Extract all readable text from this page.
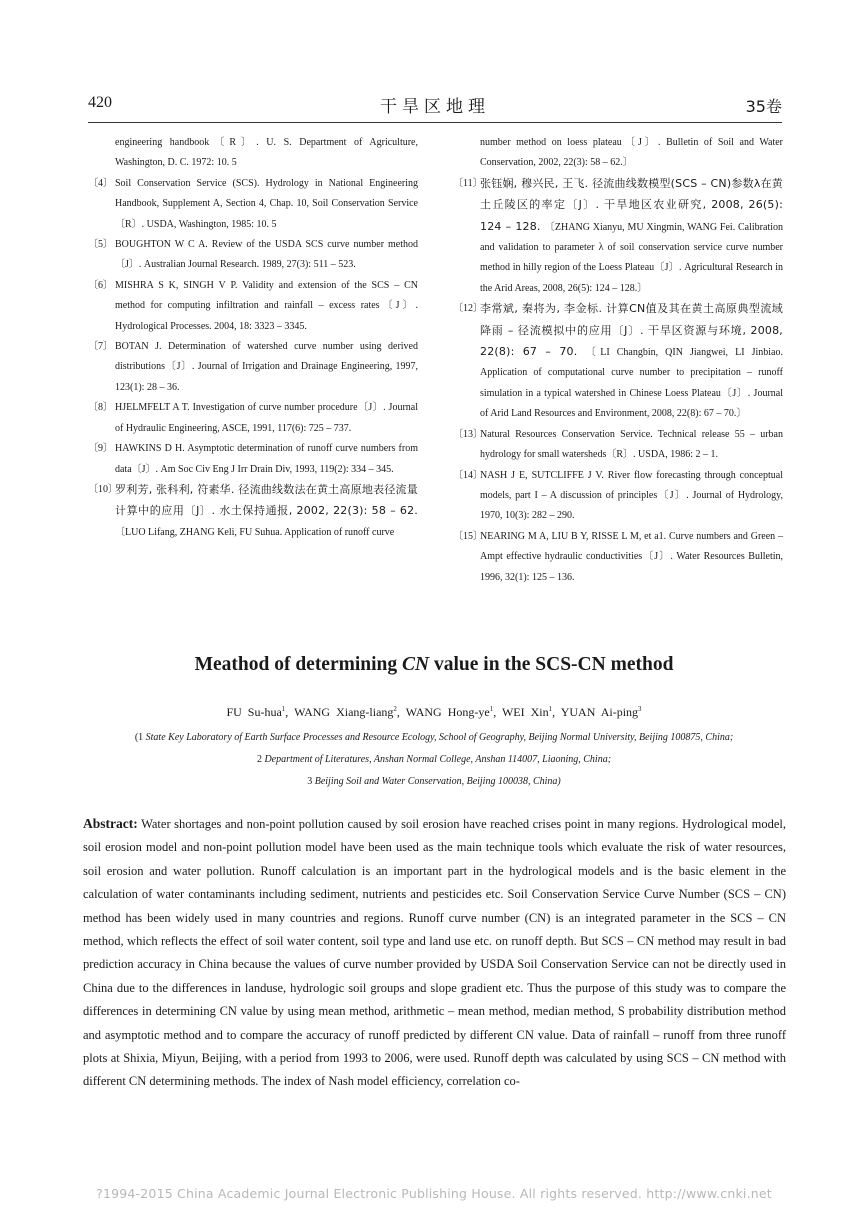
420	干旱区地理	35卷
engineering handbook〔R〕. U. S. Department of Agriculture, Washington, D. C. 1972: 10. 5
〔4〕 Soil Conservation Service (SCS). Hydrology in National Engineering Handbook, Supplement A, Section 4, Chap. 10, Soil Conservation Service〔R〕. USDA, Washington, 1985: 10. 5
〔5〕 BOUGHTON W C A. Review of the USDA SCS curve number method〔J〕. Australian Journal Research. 1989, 27(3): 511 – 523.
〔6〕 MISHRA S K, SINGH V P. Validity and extension of the SCS – CN method for computing infiltration and rainfall – excess rates〔J〕. Hydrological Processes. 2004, 18: 3323 – 3345.
〔7〕 BOTAN J. Determination of watershed curve number using derived distributions〔J〕. Journal of Irrigation and Drainage Engineering, 1997, 123(1): 28 – 36.
〔8〕 HJELMFELT A T. Investigation of curve number procedure〔J〕. Journal of Hydraulic Engineering, ASCE, 1991, 117(6): 725 – 737.
〔9〕 HAWKINS D H. Asymptotic determination of runoff curve numbers from data〔J〕. Am Soc Civ Eng J Irr Drain Div, 1993, 119(2): 334 – 345.
〔10〕
罗利芳, 张科利, 符素华. 径流曲线数法在黄土高原地表径流量计算中的应用〔J〕. 水土保持通报, 2002, 22(3): 58 – 62. 〔LUO Lifang, ZHANG Keli, FU Suhua. Application of runoff curve
number method on loess plateau〔J〕. Bulletin of Soil and Water Conservation, 2002, 22(3): 58 – 62.〕
〔11〕
张钰娴, 穆兴民, 王飞. 径流曲线数模型(SCS – CN)参数λ在黄土丘陵区的率定〔J〕. 干旱地区农业研究, 2008, 26(5): 124 – 128. 〔ZHANG Xianyu, MU Xingmin, WANG Fei. Calibration and validation to parameter λ of soil conservation service curve number method in hilly region of the Loess Plateau〔J〕. Agricultural Research in the Arid Areas, 2008, 26(5): 124 – 128.〕
〔12〕
李常斌, 秦将为, 李金标. 计算CN值及其在黄土高原典型流域降雨 – 径流模拟中的应用〔J〕. 干旱区资源与环境, 2008, 22(8): 67 – 70. 〔LI Changbin, QIN Jiangwei, LI Jinbiao. Application of computational curve number to precipitation – runoff simulation in a typical watershed in Chinese Loess Plateau〔J〕. Journal of Arid Land Resources and Environment, 2008, 22(8): 67 – 70.〕
〔13〕
Natural Resources Conservation Service. Technical release 55 – urban hydrology for small watersheds〔R〕. USDA, 1986: 2 – 1.
〔14〕
NASH J E, SUTCLIFFE J V. River flow forecasting through conceptual models, part I – A discussion of principles〔J〕. Journal of Hydrology, 1970, 10(3): 282 – 290.
〔15〕
NEARING M A, LIU B Y, RISSE L M, et a1. Curve numbers and Green – Ampt effective hydraulic conductivities〔J〕. Water Resources Bulletin, 1996, 32(1): 125 – 136.
Meathod of determining CN value in the SCS-CN method
FU Su-hua$^1$, WANG Xiang-liang$^2$, WANG Hong-$ye^1$, WEI Xin$^1$, YUAN Ai-ping$^3$
(1 State Key Laboratory of Earth Surface Processes and Resource Ecology, School of Geography, Beijing Normal University, Beijing 100875, China;
2 Department of Literatures, Anshan Normal College, Anshan 114007, Liaoning, China;
3 Beijing Soil and Water Conservation, Beijing 100038, China)
Abstract: Water shortages and non-point pollution caused by soil erosion have reached crises point in many regions. Hydrological model, soil erosion model and non-point pollution model have been used as the main technique tools which evaluate the risk of water resources, soil erosion and water pollution. Runoff calculation is an important part in the hydrological models and is the basic element in the calculation of water contaminants including sediment, nutrients and pesticides etc. Soil Conservation Service Curve Number (SCS – CN) method has been widely used in many countries and regions. Runoff curve number (CN) is an integrated parameter in the SCS – CN method, which reflects the effect of soil water content, soil type and land use etc. on runoff depth. But SCS – CN method may result in bad prediction accuracy in China because the values of curve number provided by USDA Soil Conservation Service can not be directly used in China due to the differences in landuse, hydrologic soil groups and slope gradient etc. Thus the purpose of this study was to compare the differences in determining CN value by using mean method, arithmetic – mean method, median method, S probability distribution method and asymptotic method and to compare the accuracy of runoff predicted by different CN value. Data of rainfall – runoff from three runoff plots at Shixia, Miyun, Beijing, with a period from 1993 to 2006, were used. Runoff depth was calculated by using SCS – CN method with different CN determining methods. The index of Nash model efficiency, correlation co-
?1994-2015 China Academic Journal Electronic Publishing House. All rights reserved. http://www.cnki.net
